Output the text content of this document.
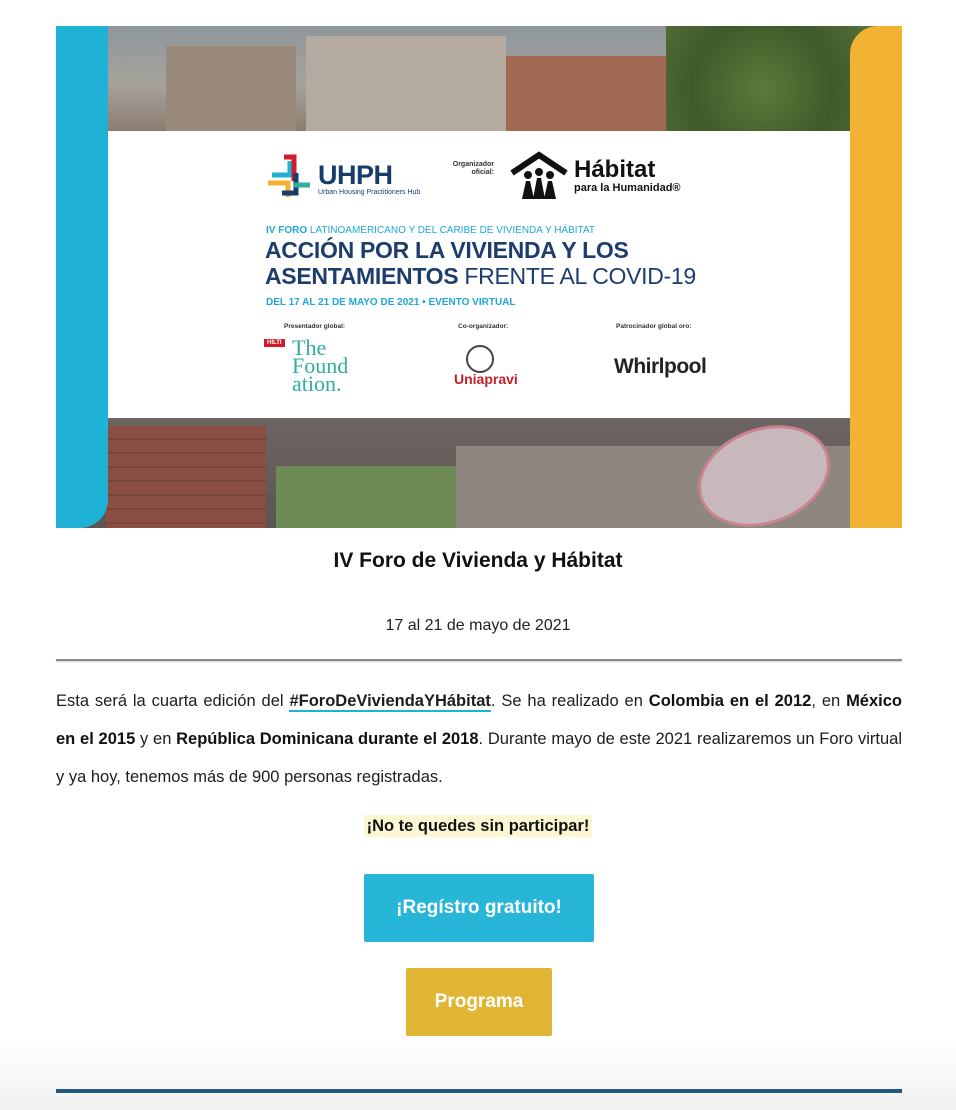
UHPH
Urban Housing Practitioners Hub
Organizador oficial:	Hábitat
para la Humanidad®
IV FORO LATINOAMERICANO Y DEL CARIBE DE VIVIENDA Y HÁBITAT
ACCIÓN POR LA VIVIENDA Y LOS
ASENTAMIENTOS FRENTE AL COVID-19
DEL 17 AL 21 DE MAYO DE 2021 • EVENTO VIRTUAL
Presentador global:	Co-organizador:	Patrocinador global oro:
HILTI The Found ation.	Uniapravi
Whirlpool
IV Foro de Vivienda y Hábitat
17 al 21 de mayo de 2021
Esta será la cuarta edición del #ForoDeViviendaYHábitat. Se ha realizado en Colombia en el 2012, en México en el 2015 y en República Dominicana durante el 2018. Durante mayo de este 2021 realizaremos un Foro virtual y ya hoy, tenemos más de 900 personas registradas.
¡No te quedes sin participar!
¡Regístro gratuito!
Programa
